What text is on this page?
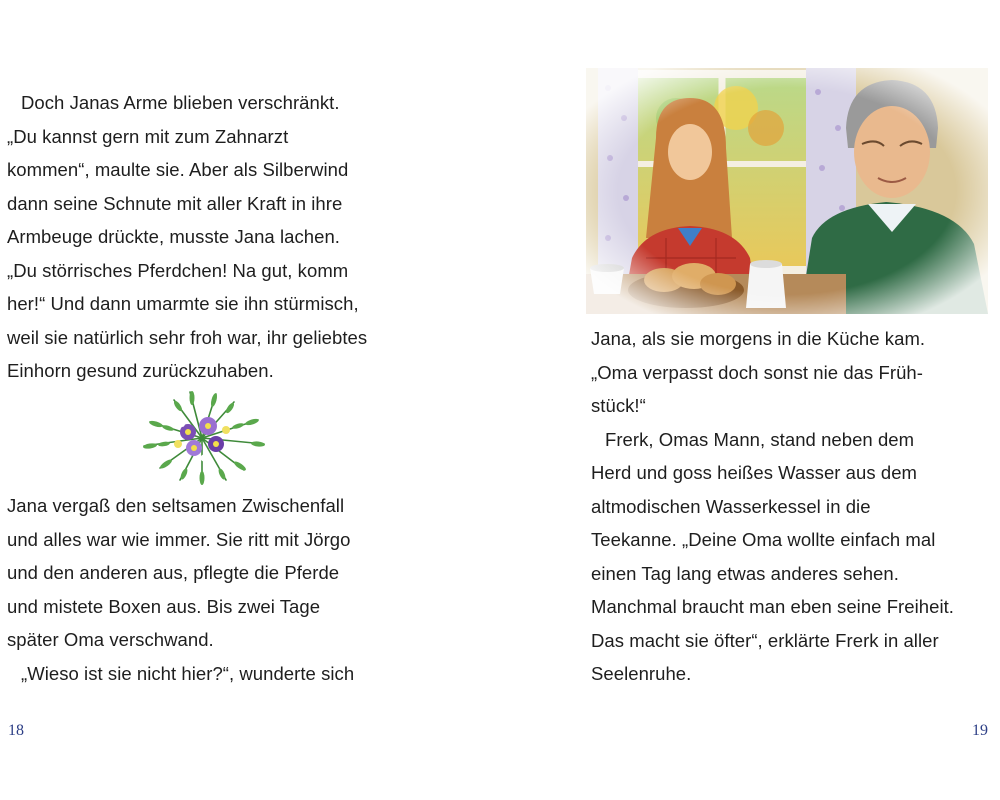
Doch Janas Arme blieben verschränkt.
„Du kannst gern mit zum Zahnarzt
kommen“, maulte sie. Aber als Silberwind
dann seine Schnute mit aller Kraft in ihre
Armbeuge drückte, musste Jana lachen.
„Du störrisches Pferdchen! Na gut, komm
her!“ Und dann umarmte sie ihn stürmisch,
weil sie natürlich sehr froh war, ihr geliebtes
Einhorn gesund zurückzuhaben.
Jana vergaß den seltsamen Zwischenfall
und alles war wie immer. Sie ritt mit Jörgo
und den anderen aus, pflegte die Pferde
und mistete Boxen aus. Bis zwei Tage
später Oma verschwand.
„Wieso ist sie nicht hier?“, wunderte sich
18
Jana, als sie morgens in die Küche kam.
„Oma verpasst doch sonst nie das Früh-
stück!“
Frerk, Omas Mann, stand neben dem
Herd und goss heißes Wasser aus dem
altmodischen Wasserkessel in die
Teekanne. „Deine Oma wollte einfach mal
einen Tag lang etwas anderes sehen.
Manchmal braucht man eben seine Freiheit.
Das macht sie öfter“, erklärte Frerk in aller
Seelenruhe.
19
